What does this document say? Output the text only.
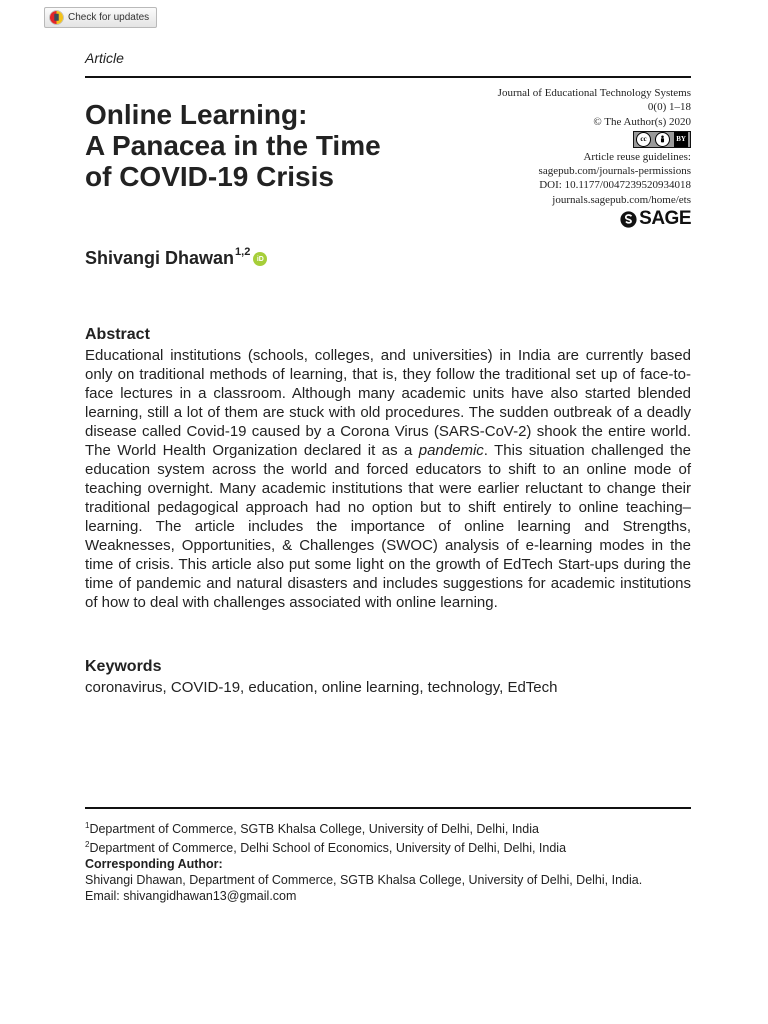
Check for updates
Article
Online Learning:
A Panacea in the Time
of COVID-19 Crisis
Journal of Educational Technology Systems
0(0) 1–18
© The Author(s) 2020
cc	BY
Article reuse guidelines:
sagepub.com/journals-permissions
DOI: 10.1177/0047239520934018
journals.sagepub.com/home/ets
SAGE
Shivangi Dhawan$^{1,2}$
iD
Abstract
Educational institutions (schools, colleges, and universities) in India are currently based only on traditional methods of learning, that is, they follow the traditional set up of face-to-face lectures in a classroom. Although many academic units have also started blended learning, still a lot of them are stuck with old procedures. The sudden outbreak of a deadly disease called Covid-19 caused by a Corona Virus (SARS-CoV-2) shook the entire world. The World Health Organization declared it as a pandemic. This situation challenged the education system across the world and forced educators to shift to an online mode of teaching overnight. Many academic institutions that were earlier reluctant to change their traditional pedagogical approach had no option but to shift entirely to online teaching–learning. The article includes the importance of online learning and Strengths, Weaknesses, Opportunities, & Challenges (SWOC) analysis of e-learning modes in the time of crisis. This article also put some light on the growth of EdTech Start-ups during the time of pandemic and natural disasters and includes suggestions for academic institutions of how to deal with challenges associated with online learning.
Keywords
coronavirus, COVID-19, education, online learning, technology, EdTech
$^1$Department of Commerce, SGTB Khalsa College, University of Delhi, Delhi, India
$^2$Department of Commerce, Delhi School of Economics, University of Delhi, Delhi, India
Corresponding Author:
Shivangi Dhawan, Department of Commerce, SGTB Khalsa College, University of Delhi, Delhi, India.
Email: shivangidhawan13@gmail.com
